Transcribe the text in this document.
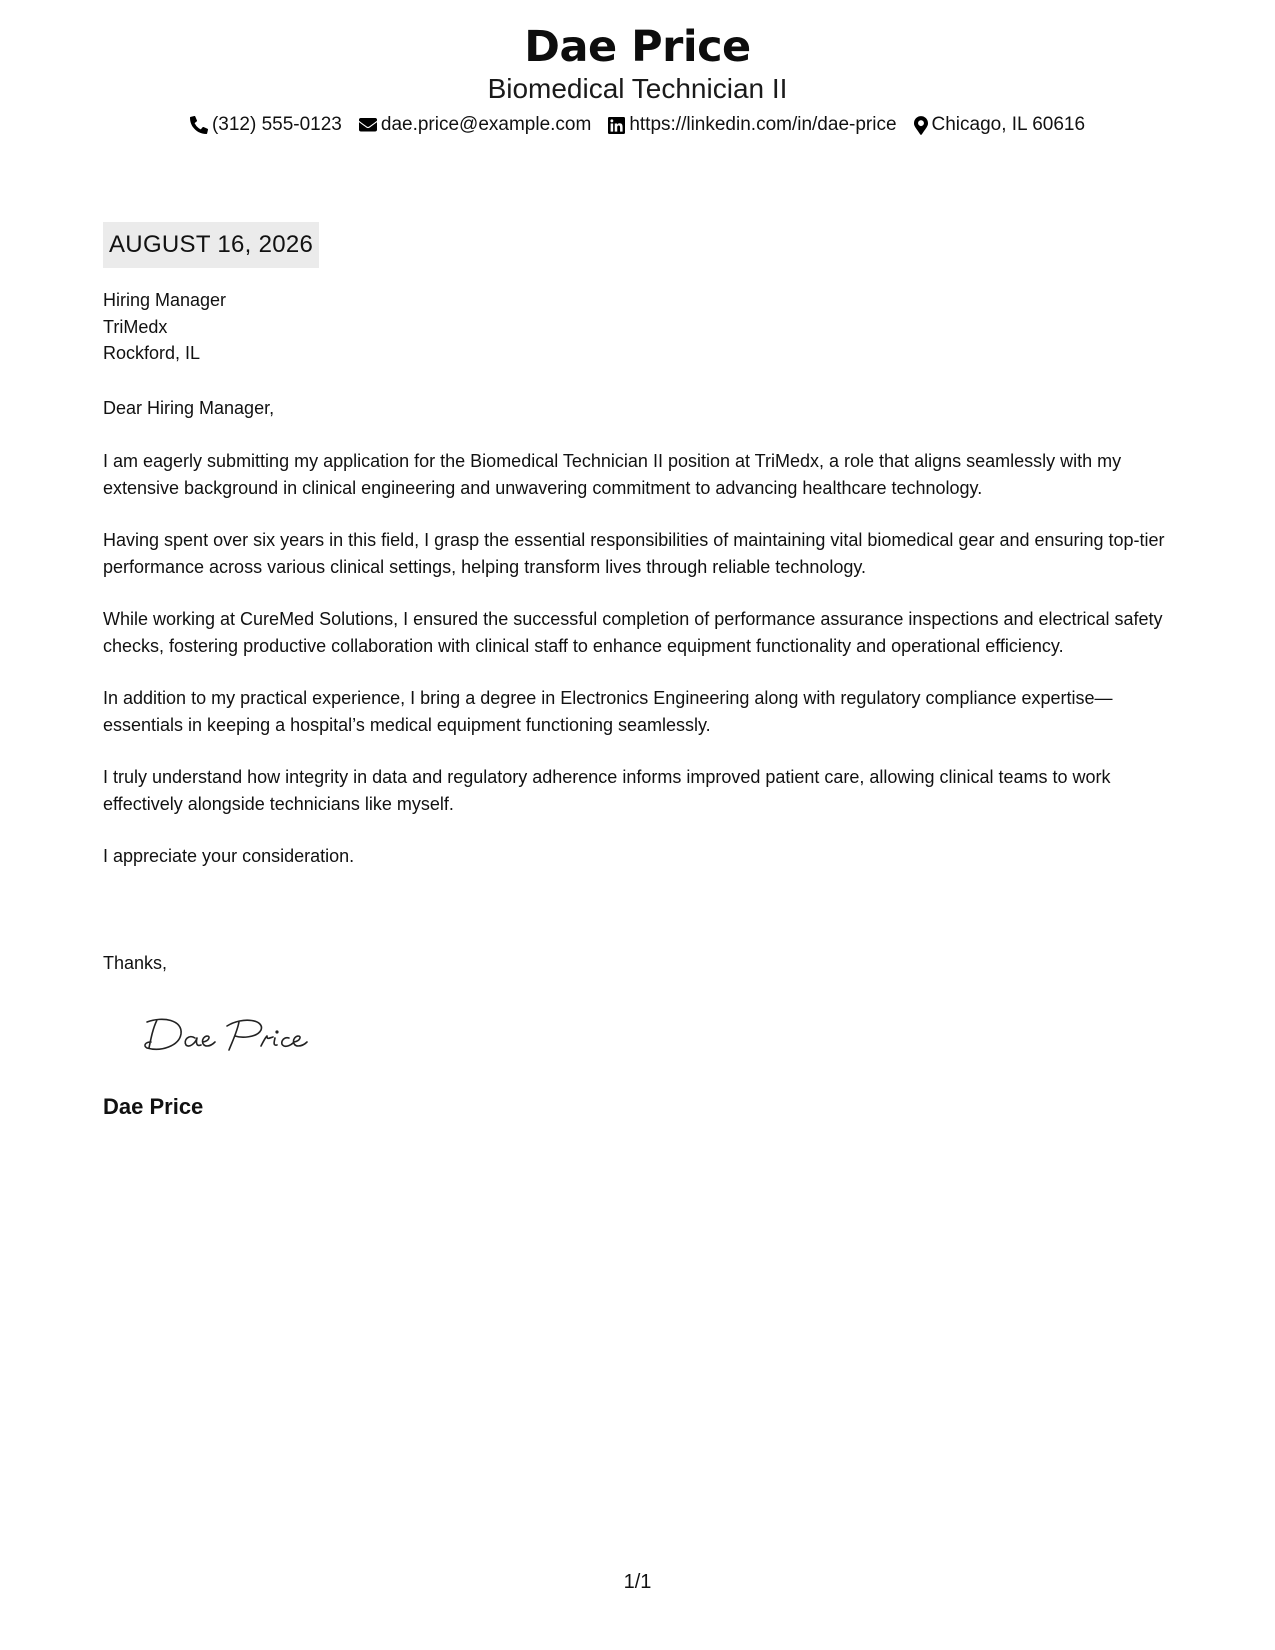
Dae Price
Biomedical Technician II
(312) 555-0123 dae.price@example.com https://linkedin.com/in/dae-price Chicago, IL 60616
AUGUST 16, 2026
Hiring Manager
TriMedx
Rockford, IL
Dear Hiring Manager,

I am eagerly submitting my application for the Biomedical Technician II position at TriMedx, a role that aligns seamlessly with my extensive background in clinical engineering and unwavering commitment to advancing healthcare technology.

Having spent over six years in this field, I grasp the essential responsibilities of maintaining vital biomedical gear and ensuring top-tier performance across various clinical settings, helping transform lives through reliable technology.

While working at CureMed Solutions, I ensured the successful completion of performance assurance inspections and electrical safety checks, fostering productive collaboration with clinical staff to enhance equipment functionality and operational efficiency.

In addition to my practical experience, I bring a degree in Electronics Engineering along with regulatory compliance expertise—essentials in keeping a hospital’s medical equipment functioning seamlessly.

I truly understand how integrity in data and regulatory adherence informs improved patient care, allowing clinical teams to work effectively alongside technicians like myself.

I appreciate your consideration.

Thanks,
Dae Price
1/1
